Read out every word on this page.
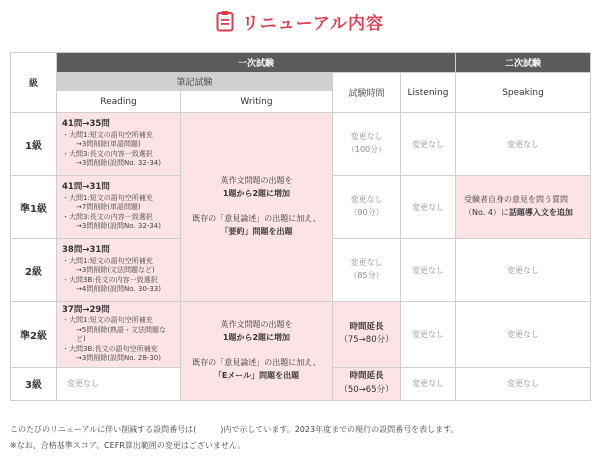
リニューアル内容
級	一次試験				二次試験
	筆記試験		試験時間	Listening	Speaking
	Reading	Writing			
1級	41問→35問
・大問1:短文の語句空所補充

→3問削除(単語問題)
・大問3:長文の内容一致選択

→3問削除(設問No. 32-34)	英作文問題の出題を
1題から2題に増加

既存の「意見論述」の出題に加え、
「要約」問題を出題	変更なし
（100分）	変更なし	変更なし
準1級	41問→31問
・大問1:短文の語句空所補充

→7問削除(単語問題)
・大問3:長文の内容一致選択

→3問削除(設問No. 32-34)		変更なし
（90分）	変更なし	受験者自身の意見を問う質問
（No. 4）に話題導入文を追加
2級	38問→31問
・大問1:短文の語句空所補充

→3問削除(文法問題など)
・大問3B:長文の内容一致選択

→4問削除(設問No. 30-33)		変更なし
（85分）	変更なし	変更なし
準2級	37問→29問
・大問1:短文の語句空所補充

→5問削除(熟語・文法問題など)
・大問3B:長文の語句空所補充

→3問削除(設問No. 28-30)	英作文問題の出題を
1題から2題に増加

既存の「意見論述」の出題に加え、
「Eメール」問題を出題	時間延長
（75→80分）	変更なし	変更なし
3級	変更なし		時間延長
（50→65分）	変更なし	変更なし
このたびのリニューアルに伴い削減する設問番号は(　　　)内で示しています。2023年度までの現行の設問番号を表します。
※なお、合格基準スコア、CEFR算出範囲の変更はございません。
